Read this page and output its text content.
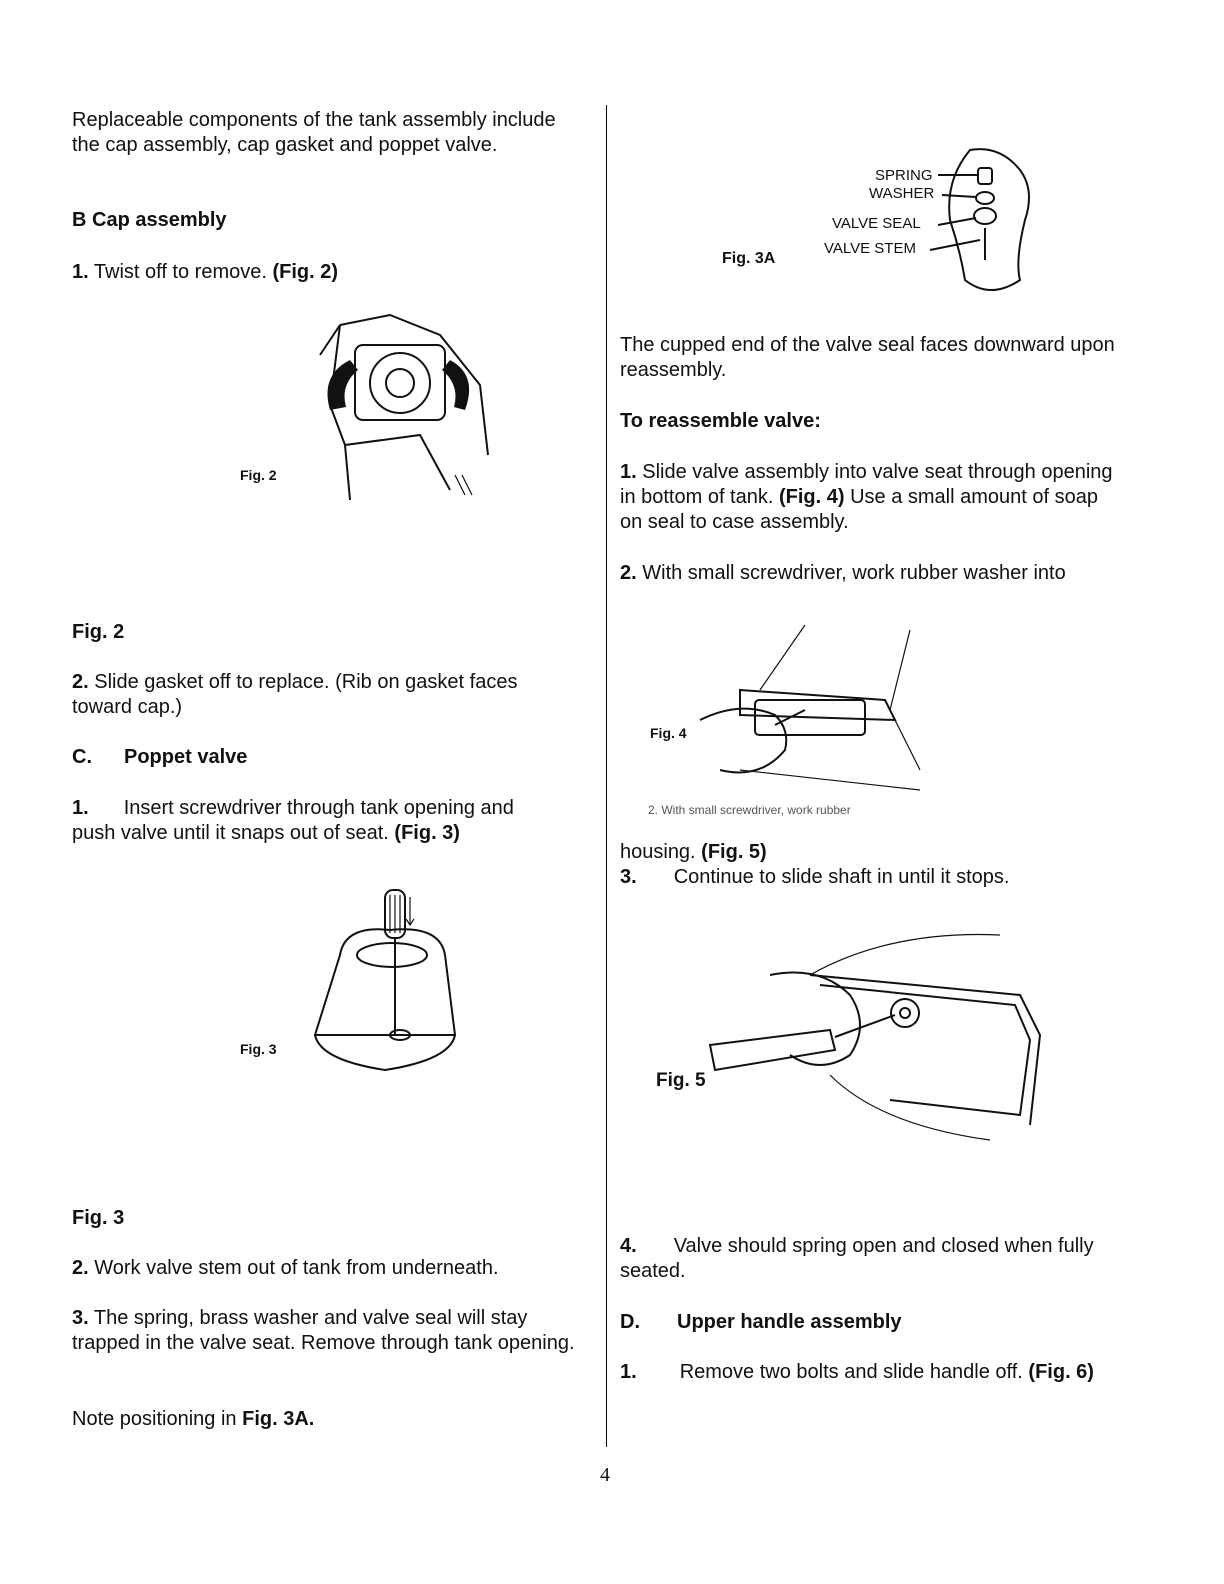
Replaceable components of the tank assembly include the cap assembly, cap gasket and poppet valve.

B Cap assembly

1. Twist off to remove. (Fig. 2)

Fig. 2

Fig. 2

2. Slide gasket off to replace. (Rib on gasket faces toward cap.)

C. Poppet valve

1. Insert screwdriver through tank opening and push valve until it snaps out of seat. (Fig. 3)

Fig. 3

Fig. 3

2. Work valve stem out of tank from underneath.

3. The spring, brass washer and valve seal will stay trapped in the valve seat. Remove through tank opening.

Note positioning in Fig. 3A.

SPRING
WASHER
VALVE SEAL
VALVE STEM
Fig. 3A

The cupped end of the valve seal faces downward upon reassembly.

To reassemble valve:

1. Slide valve assembly into valve seat through opening in bottom of tank. (Fig. 4) Use a small amount of soap on seal to case assembly.

2. With small screwdriver, work rubber washer into

Fig. 4
2. With small screwdriver, work rubber

housing. (Fig. 5)

3. Continue to slide shaft in until it stops.

Fig. 5

4. Valve should spring open and closed when fully seated.

D. Upper handle assembly

1. Remove two bolts and slide handle off. (Fig. 6)

4
